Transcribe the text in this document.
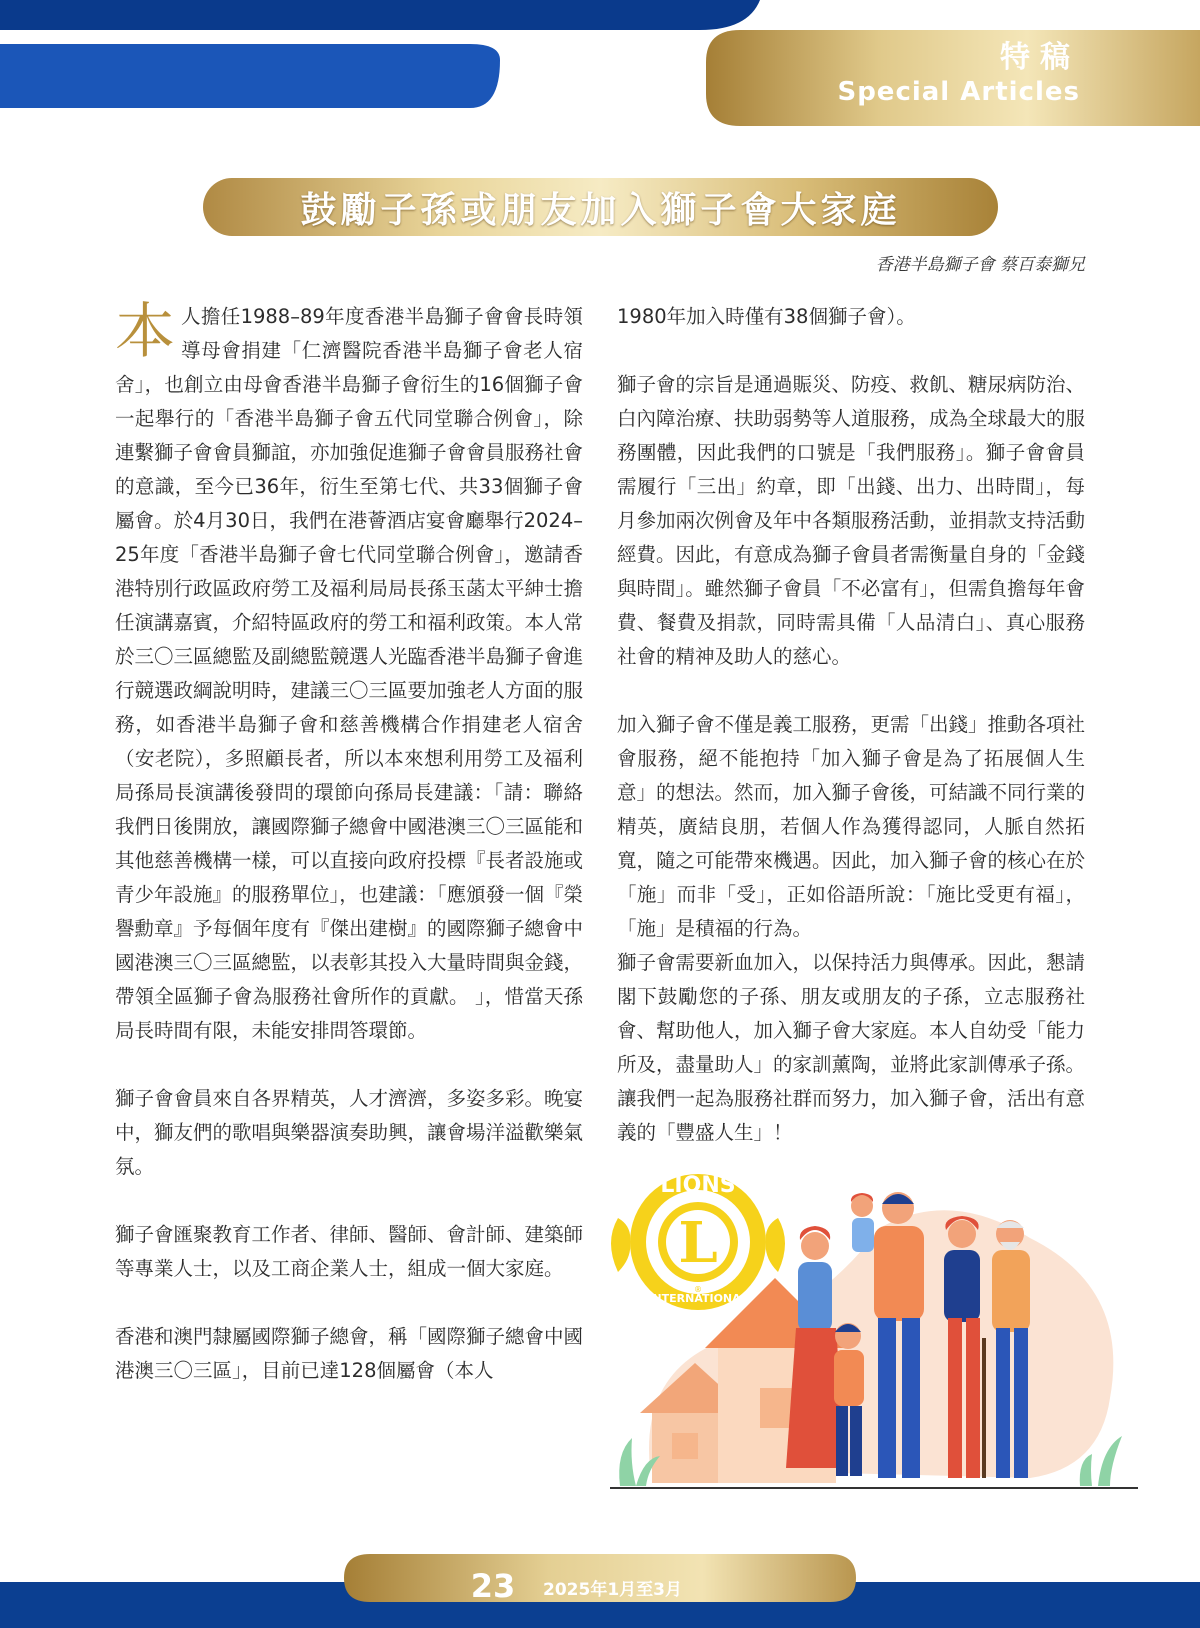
特稿
Special Articles
鼓勵子孫或朋友加入獅子會大家庭
香港半島獅子會 蔡百泰獅兄

本人擔任1988–89年度香港半島獅子會會長時領導母會捐建「仁濟醫院香港半島獅子會老人宿舍」，也創立由母會香港半島獅子會衍生的16個獅子會一起舉行的「香港半島獅子會五代同堂聯合例會」，除連繫獅子會會員獅誼，亦加強促進獅子會會員服務社會的意識，至今已36年，衍生至第七代、共33個獅子會屬會。於4月30日，我們在港薈酒店宴會廳舉行2024–25年度「香港半島獅子會七代同堂聯合例會」，邀請香港特別行政區政府勞工及福利局局長孫玉菡太平紳士擔任演講嘉賓，介紹特區政府的勞工和福利政策。本人常於三〇三區總監及副總監競選人光臨香港半島獅子會進行競選政綱說明時，建議三〇三區要加強老人方面的服務，如香港半島獅子會和慈善機構合作捐建老人宿舍（安老院），多照顧長者，所以本來想利用勞工及福利局孫局長演講後發問的環節向孫局長建議：「請：聯絡我們日後開放，讓國際獅子總會中國港澳三〇三區能和其他慈善機構一樣，可以直接向政府投標『長者設施或青少年設施』的服務單位」，也建議：「應頒發一個『榮譽勳章』予每個年度有『傑出建樹』的國際獅子總會中國港澳三〇三區總監，以表彰其投入大量時間與金錢，帶領全區獅子會為服務社會所作的貢獻。 」，惜當天孫局長時間有限，未能安排問答環節。

獅子會會員來自各界精英，人才濟濟，多姿多彩。晚宴中，獅友們的歌唱與樂器演奏助興，讓會場洋溢歡樂氣氛。

獅子會匯聚教育工作者、律師、醫師、會計師、建築師等專業人士，以及工商企業人士，組成一個大家庭。

香港和澳門隸屬國際獅子總會，稱「國際獅子總會中國港澳三〇三區」，目前已達128個屬會（本人

1980年加入時僅有38個獅子會）。

獅子會的宗旨是通過賑災、防疫、救飢、糖尿病防治、白內障治療、扶助弱勢等人道服務，成為全球最大的服務團體，因此我們的口號是「我們服務」。獅子會會員需履行「三出」約章，即「出錢、出力、出時間」，每月參加兩次例會及年中各類服務活動，並捐款支持活動經費。因此，有意成為獅子會員者需衡量自身的「金錢與時間」。雖然獅子會員「不必富有」，但需負擔每年會費、餐費及捐款，同時需具備「人品清白」、真心服務社會的精神及助人的慈心。

加入獅子會不僅是義工服務，更需「出錢」推動各項社會服務，絕不能抱持「加入獅子會是為了拓展個人生意」的想法。然而，加入獅子會後，可結識不同行業的精英，廣結良朋，若個人作為獲得認同，人脈自然拓寬，隨之可能帶來機遇。因此，加入獅子會的核心在於「施」而非「受」，正如俗語所說：「施比受更有福」，「施」是積福的行為。

獅子會需要新血加入，以保持活力與傳承。因此，懇請閣下鼓勵您的子孫、朋友或朋友的子孫，立志服務社會、幫助他人，加入獅子會大家庭。本人自幼受「能力所及，盡量助人」的家訓薰陶，並將此家訓傳承子孫。讓我們一起為服務社群而努力，加入獅子會，活出有意義的「豐盛人生」！

L
LIONS
INTERNATIONAL
®
23	2025年1月至3月
